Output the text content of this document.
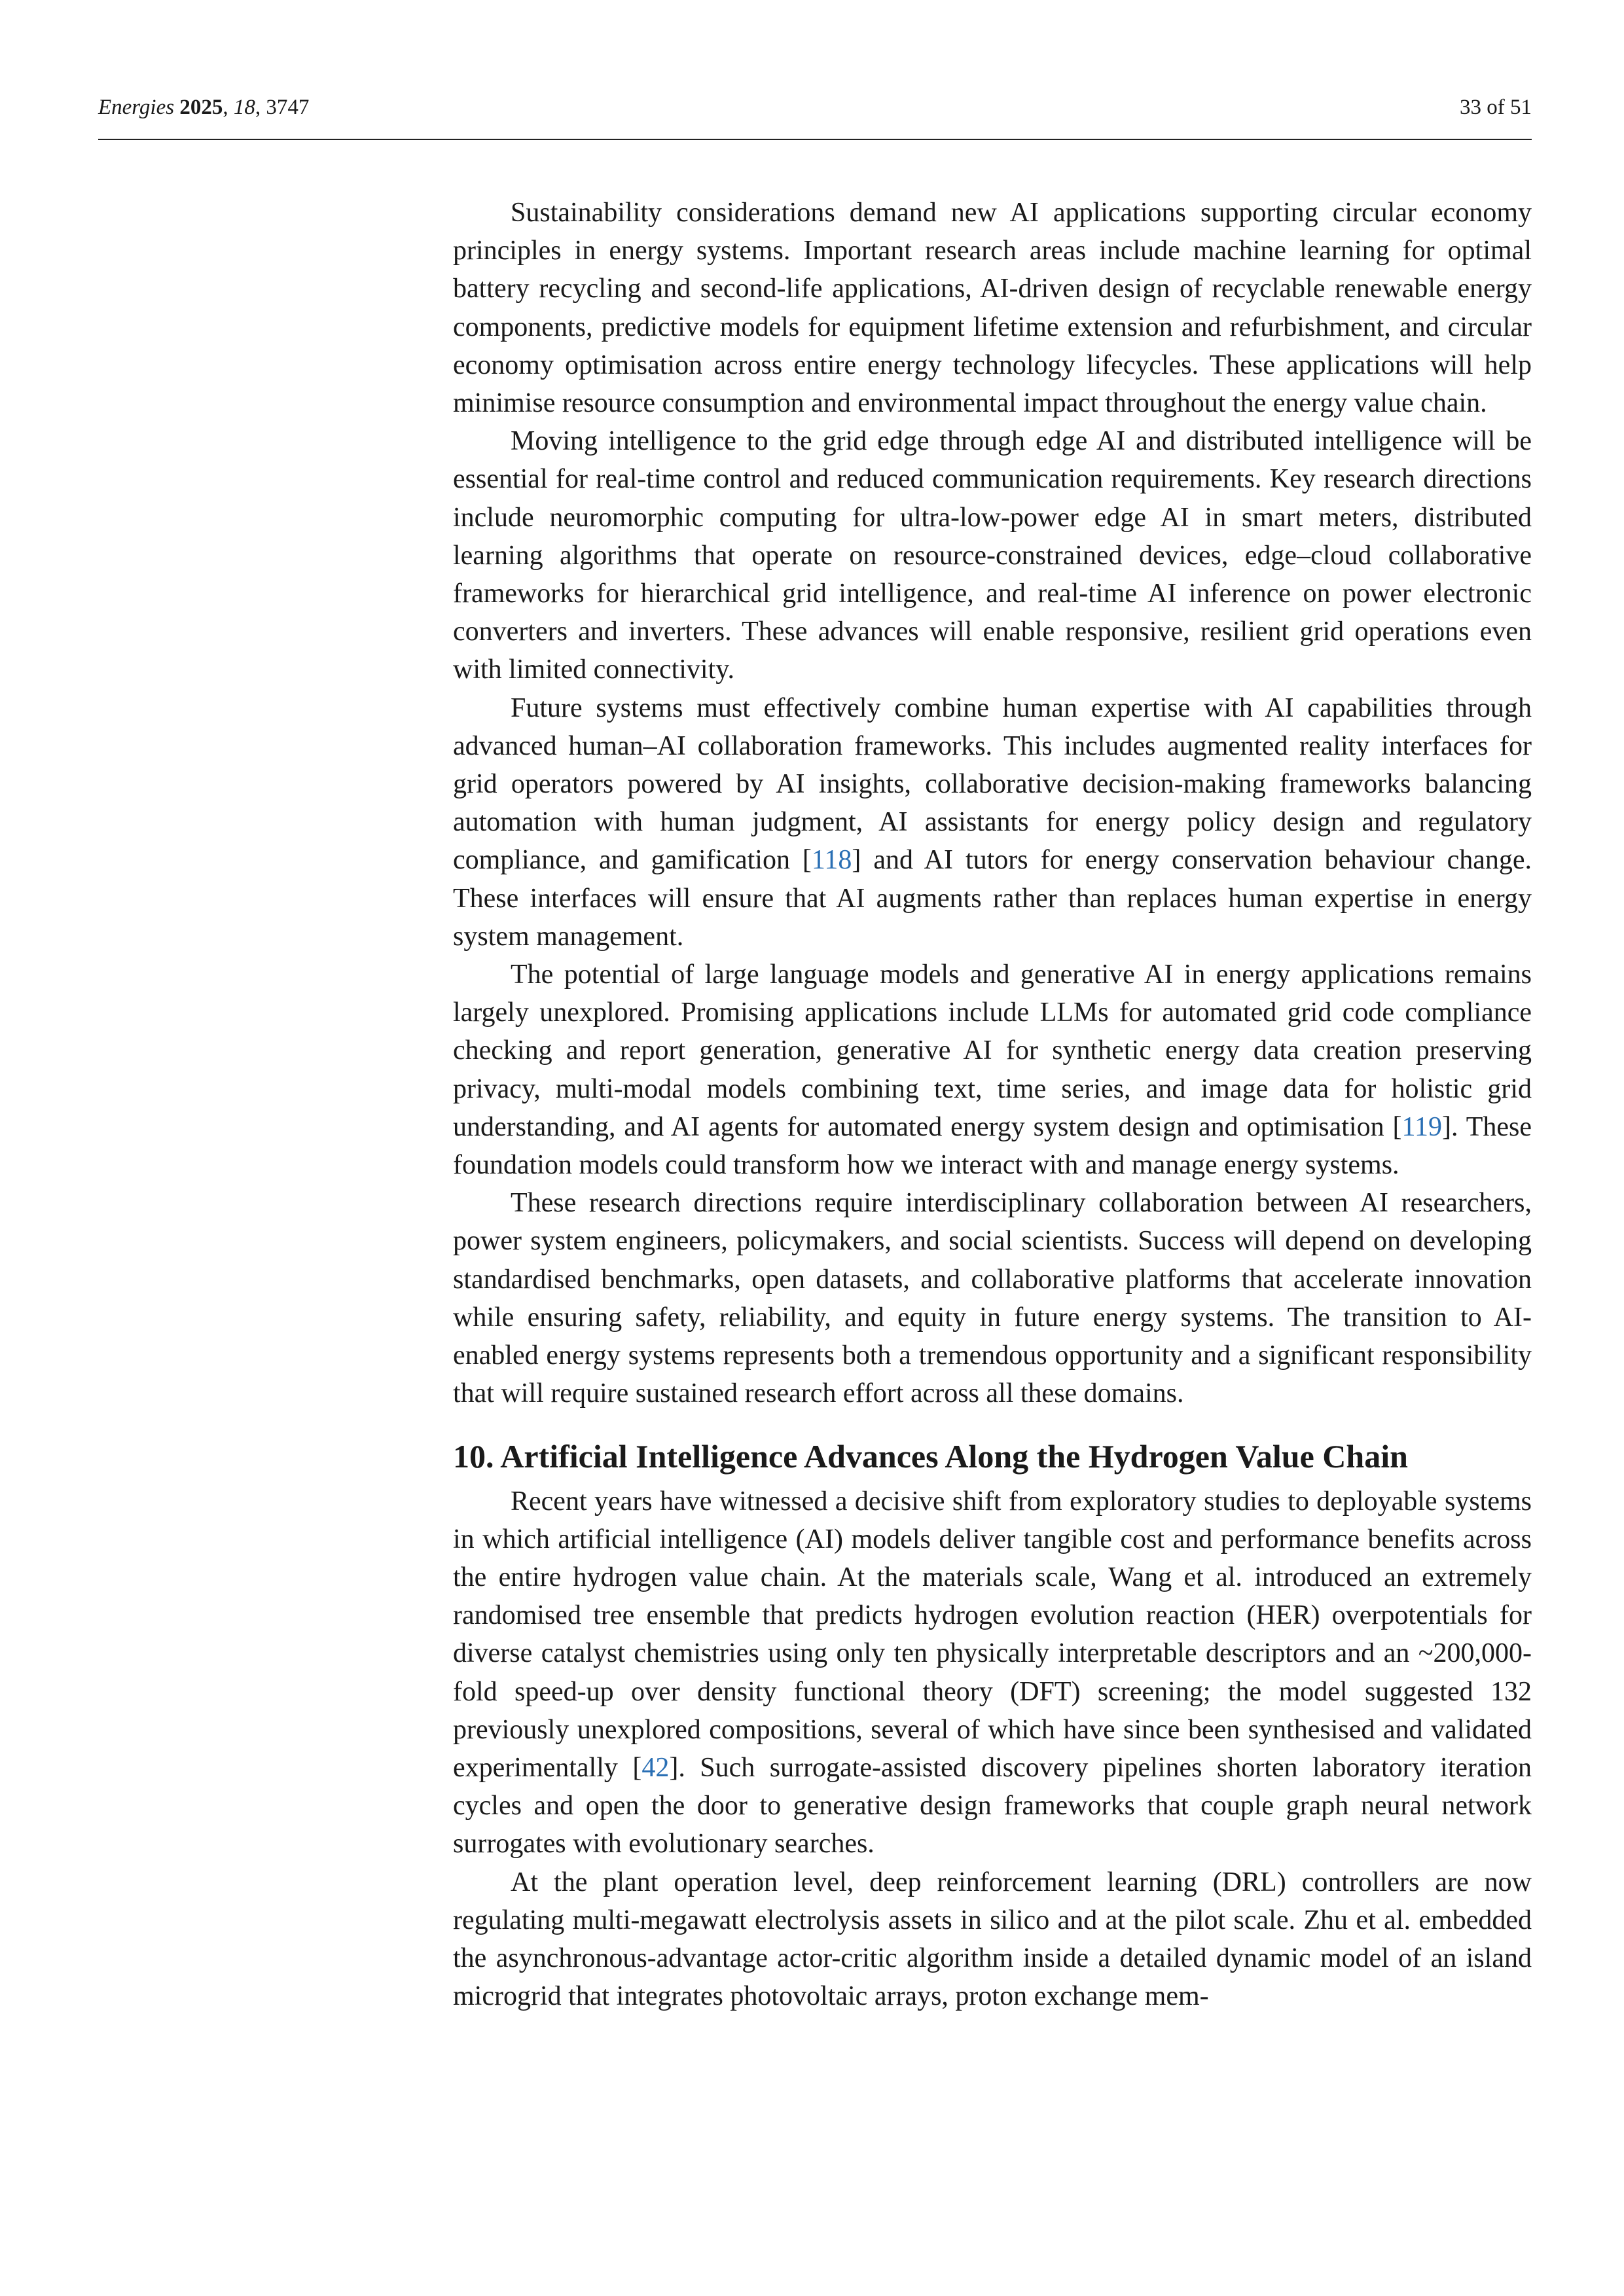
Energies 2025, 18, 3747	33 of 51

Sustainability considerations demand new AI applications supporting circular economy principles in energy systems. Important research areas include machine learning for optimal battery recycling and second-life applications, AI-driven design of recyclable renewable energy components, predictive models for equipment lifetime extension and refurbishment, and circular economy optimisation across entire energy technology lifecycles. These applications will help minimise resource consumption and environmental impact throughout the energy value chain.

Moving intelligence to the grid edge through edge AI and distributed intelligence will be essential for real-time control and reduced communication requirements. Key research directions include neuromorphic computing for ultra-low-power edge AI in smart meters, distributed learning algorithms that operate on resource-constrained devices, edge–cloud collaborative frameworks for hierarchical grid intelligence, and real-time AI inference on power electronic converters and inverters. These advances will enable responsive, resilient grid operations even with limited connectivity.

Future systems must effectively combine human expertise with AI capabilities through advanced human–AI collaboration frameworks. This includes augmented reality interfaces for grid operators powered by AI insights, collaborative decision-making frameworks balancing automation with human judgment, AI assistants for energy policy design and regulatory compliance, and gamification [118] and AI tutors for energy conservation behaviour change. These interfaces will ensure that AI augments rather than replaces human expertise in energy system management.

The potential of large language models and generative AI in energy applications remains largely unexplored. Promising applications include LLMs for automated grid code compliance checking and report generation, generative AI for synthetic energy data creation preserving privacy, multi-modal models combining text, time series, and image data for holistic grid understanding, and AI agents for automated energy system design and optimisation [119]. These foundation models could transform how we interact with and manage energy systems.

These research directions require interdisciplinary collaboration between AI researchers, power system engineers, policymakers, and social scientists. Success will depend on developing standardised benchmarks, open datasets, and collaborative platforms that accelerate innovation while ensuring safety, reliability, and equity in future energy systems. The transition to AI-enabled energy systems represents both a tremendous opportunity and a significant responsibility that will require sustained research effort across all these domains.

10. Artificial Intelligence Advances Along the Hydrogen Value Chain

Recent years have witnessed a decisive shift from exploratory studies to deployable systems in which artificial intelligence (AI) models deliver tangible cost and performance benefits across the entire hydrogen value chain. At the materials scale, Wang et al. introduced an extremely randomised tree ensemble that predicts hydrogen evolution reaction (HER) overpotentials for diverse catalyst chemistries using only ten physically interpretable descriptors and an ~200,000-fold speed-up over density functional theory (DFT) screening; the model suggested 132 previously unexplored compositions, several of which have since been synthesised and validated experimentally [42]. Such surrogate-assisted discovery pipelines shorten laboratory iteration cycles and open the door to generative design frameworks that couple graph neural network surrogates with evolutionary searches.

At the plant operation level, deep reinforcement learning (DRL) controllers are now regulating multi-megawatt electrolysis assets in silico and at the pilot scale. Zhu et al. embedded the asynchronous-advantage actor-critic algorithm inside a detailed dynamic model of an island microgrid that integrates photovoltaic arrays, proton exchange mem-
